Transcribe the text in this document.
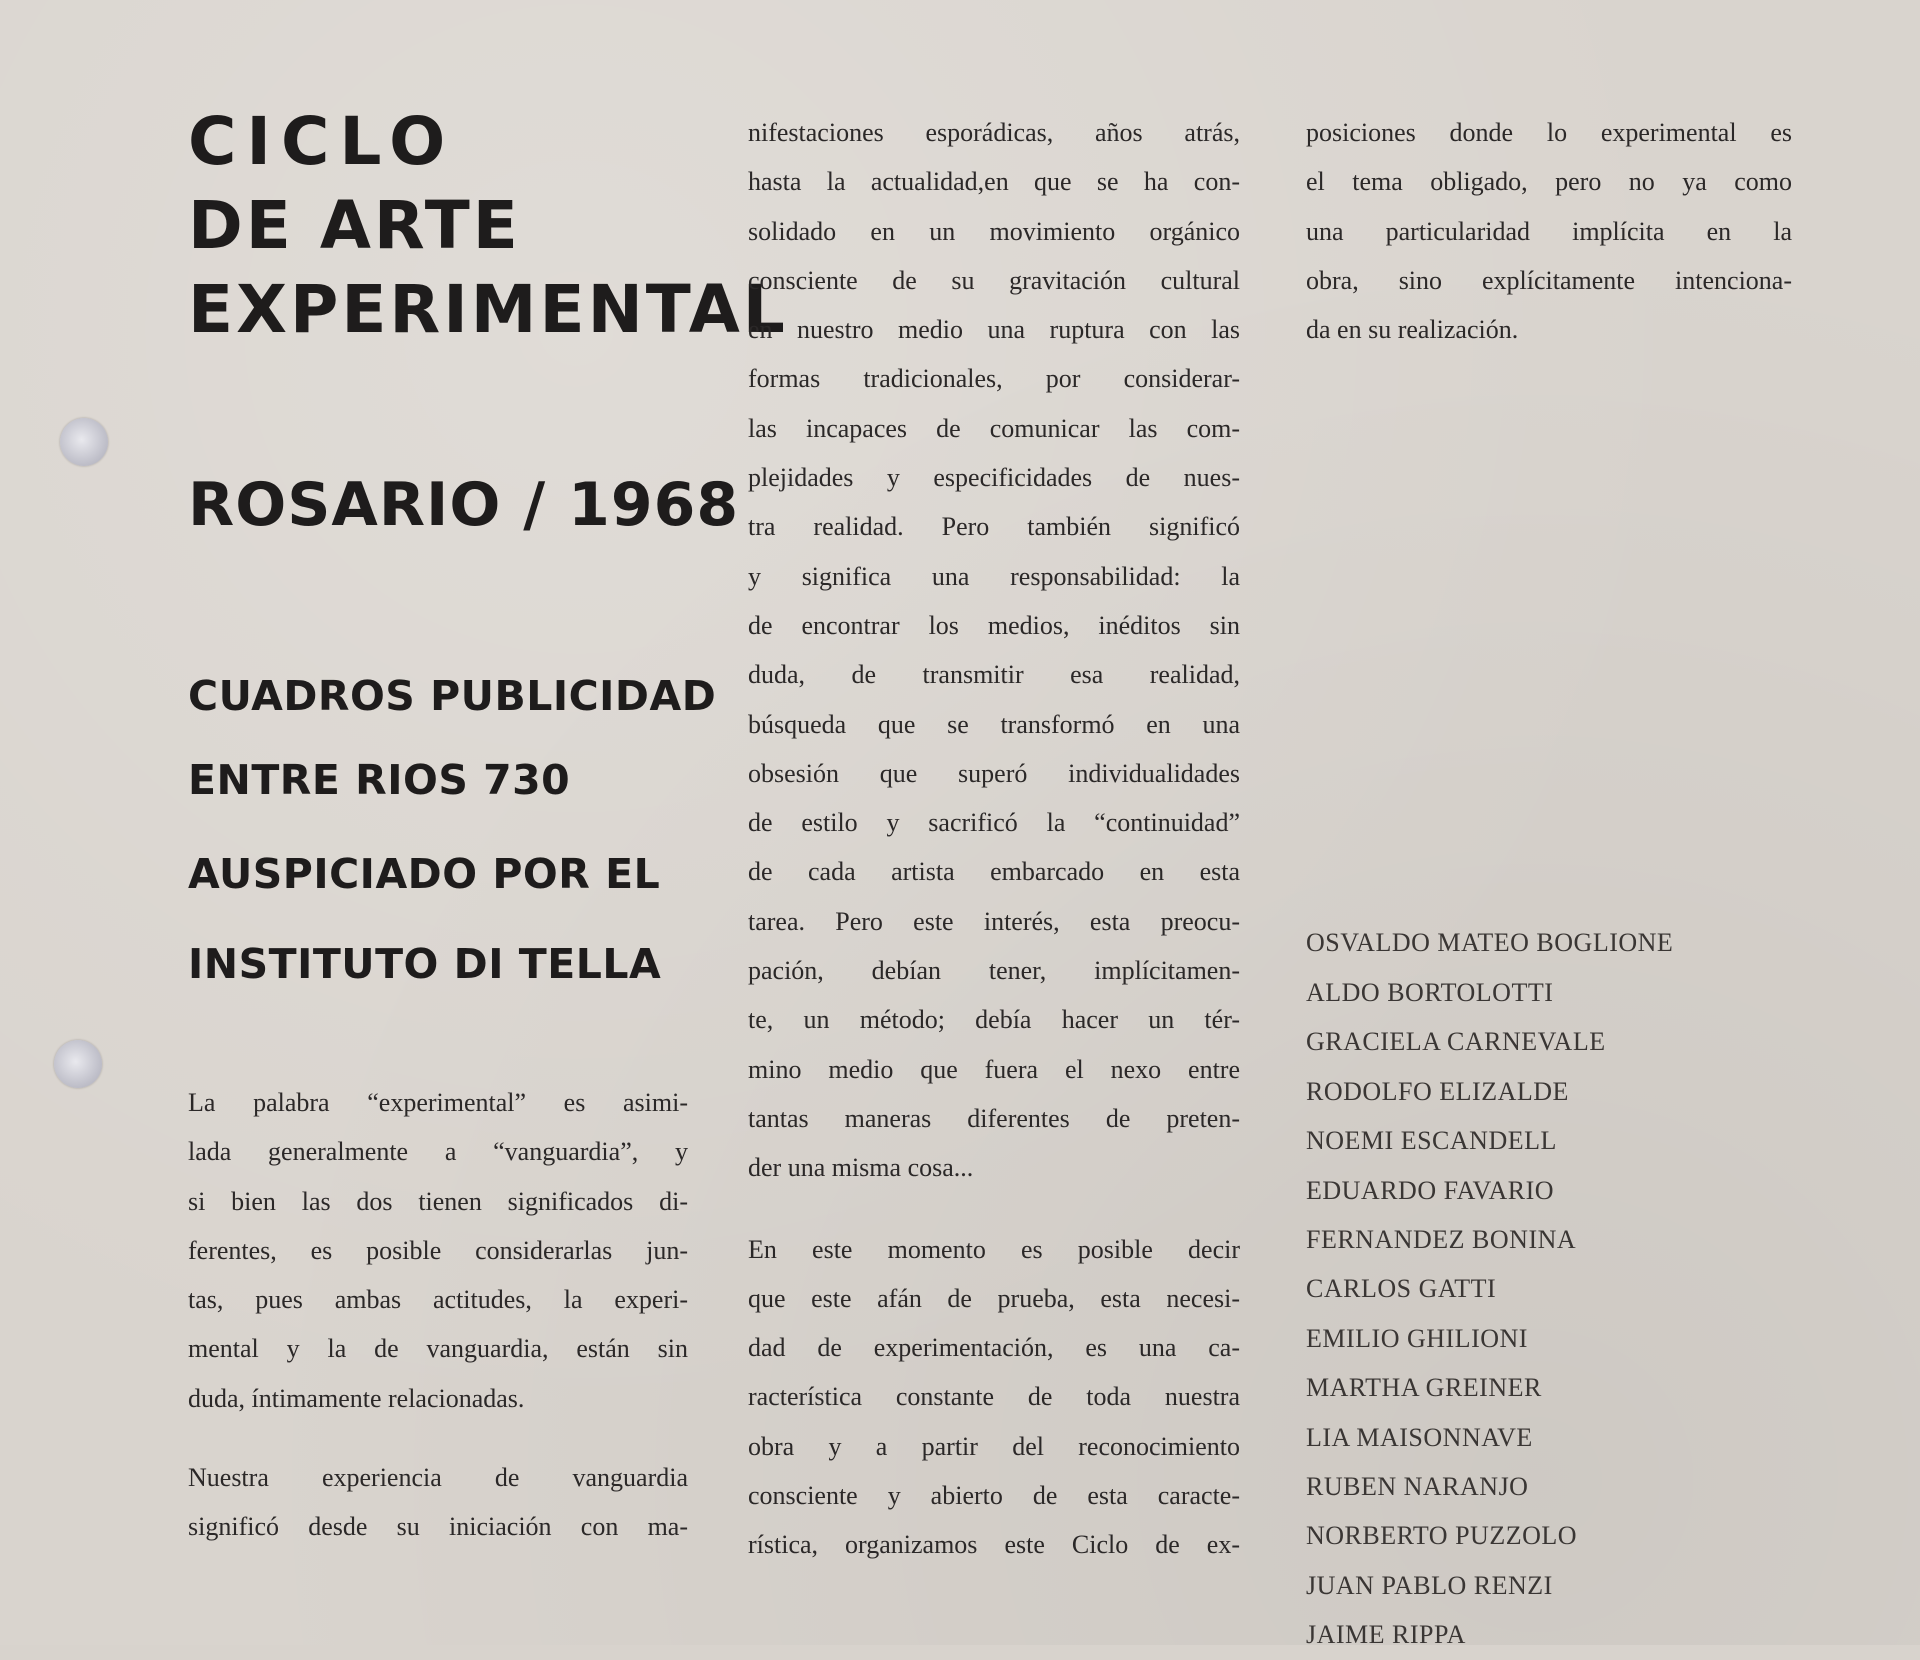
CICLO

DE ARTE

EXPERIMENTAL

ROSARIO / 1968

CUADROS PUBLICIDAD

ENTRE RIOS 730

AUSPICIADO POR EL

INSTITUTO DI TELLA

La palabra “experimental” es asimi-
lada generalmente a “vanguardia”, y
si bien las dos tienen significados di-
ferentes, es posible considerarlas jun-
tas, pues ambas actitudes, la experi-
mental y la de vanguardia, están sin
duda, íntimamente relacionadas.
Nuestra experiencia de vanguardia
significó desde su iniciación con ma-
nifestaciones esporádicas, años atrás,
hasta la actualidad,en que se ha con-
solidado en un movimiento orgánico
consciente de su gravitación cultural
en nuestro medio una ruptura con las
formas tradicionales, por considerar-
las incapaces de comunicar las com-
plejidades y especificidades de nues-
tra realidad. Pero también significó
y significa una responsabilidad: la
de encontrar los medios, inéditos sin
duda, de transmitir esa realidad,
búsqueda que se transformó en una
obsesión que superó individualidades
de estilo y sacrificó la “continuidad”
de cada artista embarcado en esta
tarea. Pero este interés, esta preocu-
pación, debían tener, implícitamen-
te, un método; debía hacer un tér-
mino medio que fuera el nexo entre
tantas maneras diferentes de preten-
der una misma cosa...
En este momento es posible decir
que este afán de prueba, esta necesi-
dad de experimentación, es una ca-
racterística constante de toda nuestra
obra y a partir del reconocimiento
consciente y abierto de esta caracte-
rística, organizamos este Ciclo de ex-
posiciones donde lo experimental es
el tema obligado, pero no ya como
una particularidad implícita en la
obra, sino explícitamente intenciona-
da en su realización.
OSVALDO MATEO BOGLIONE
ALDO BORTOLOTTI
GRACIELA CARNEVALE
RODOLFO ELIZALDE
NOEMI ESCANDELL
EDUARDO FAVARIO
FERNANDEZ BONINA
CARLOS GATTI
EMILIO GHILIONI
MARTHA GREINER
LIA MAISONNAVE
RUBEN NARANJO
NORBERTO PUZZOLO
JUAN PABLO RENZI
JAIME RIPPA
